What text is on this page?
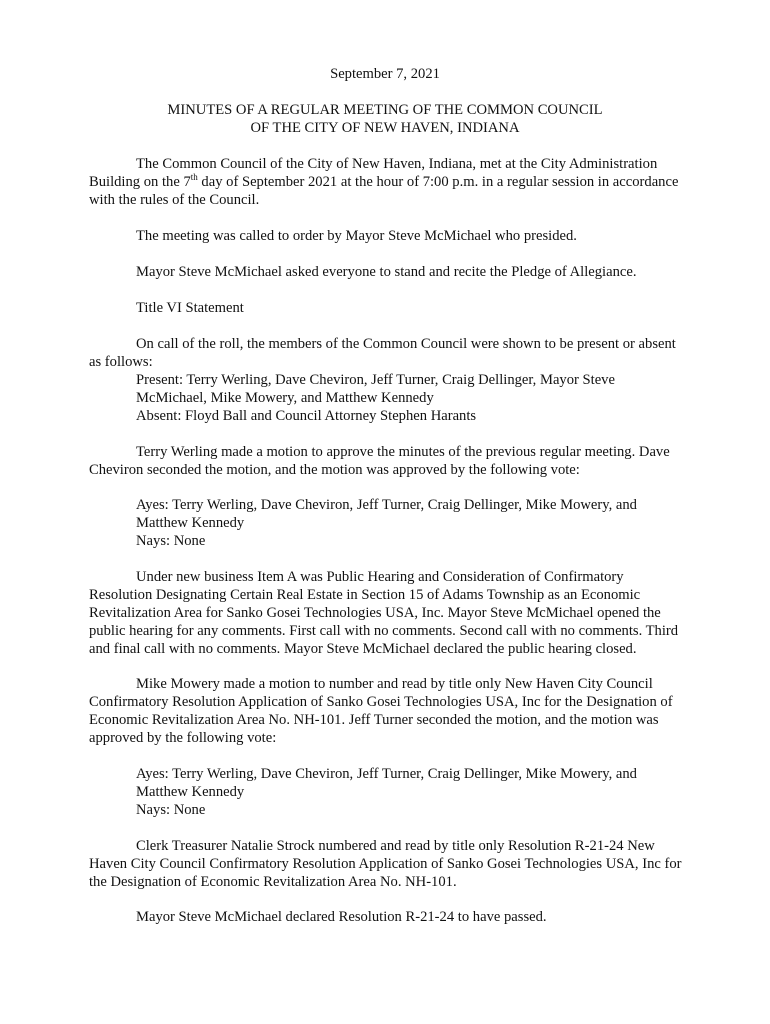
September 7, 2021
MINUTES OF A REGULAR MEETING OF THE COMMON COUNCIL
OF THE CITY OF NEW HAVEN, INDIANA
The Common Council of the City of New Haven, Indiana, met at the City Administration
Building on the 7th day of September 2021 at the hour of 7:00 p.m. in a regular session in accordance
with the rules of the Council.
The meeting was called to order by Mayor Steve McMichael who presided.
Mayor Steve McMichael asked everyone to stand and recite the Pledge of Allegiance.
Title VI Statement
On call of the roll, the members of the Common Council were shown to be present or absent
as follows:
Present: Terry Werling, Dave Cheviron, Jeff Turner, Craig Dellinger, Mayor Steve
McMichael, Mike Mowery, and Matthew Kennedy
Absent: Floyd Ball and Council Attorney Stephen Harants
Terry Werling made a motion to approve the minutes of the previous regular meeting. Dave
Cheviron seconded the motion, and the motion was approved by the following vote:
Ayes: Terry Werling, Dave Cheviron, Jeff Turner, Craig Dellinger, Mike Mowery, and
Matthew Kennedy
Nays: None
Under new business Item A was Public Hearing and Consideration of Confirmatory
Resolution Designating Certain Real Estate in Section 15 of Adams Township as an Economic
Revitalization Area for Sanko Gosei Technologies USA, Inc. Mayor Steve McMichael opened the
public hearing for any comments. First call with no comments. Second call with no comments. Third
and final call with no comments. Mayor Steve McMichael declared the public hearing closed.
Mike Mowery made a motion to number and read by title only New Haven City Council
Confirmatory Resolution Application of Sanko Gosei Technologies USA, Inc for the Designation of
Economic Revitalization Area No. NH-101. Jeff Turner seconded the motion, and the motion was
approved by the following vote:
Ayes: Terry Werling, Dave Cheviron, Jeff Turner, Craig Dellinger, Mike Mowery, and
Matthew Kennedy
Nays: None
Clerk Treasurer Natalie Strock numbered and read by title only Resolution R-21-24 New
Haven City Council Confirmatory Resolution Application of Sanko Gosei Technologies USA, Inc for
the Designation of Economic Revitalization Area No. NH-101.
Mayor Steve McMichael declared Resolution R-21-24 to have passed.
